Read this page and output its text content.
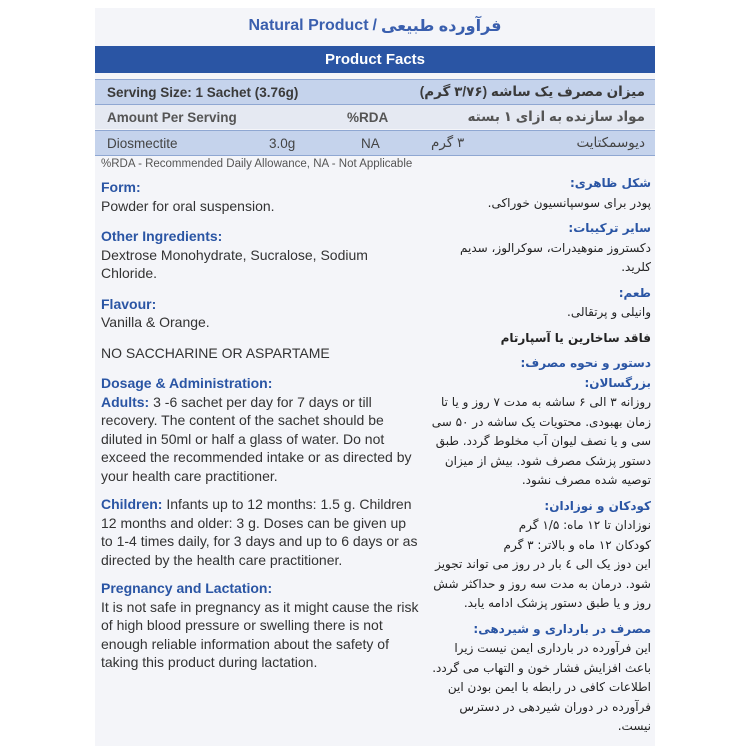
Natural Product / فرآورده طبیعی
Product Facts
Serving Size: 1 Sachet (3.76g)	میزان مصرف یک ساشه (۳/۷۶ گرم)
Amount Per Serving	%RDA	مواد سازنده به ازای ۱ بسته
Diosmectite	3.0g	NA	۳ گرم	دیوسمکتایت
%RDA - Recommended Daily Allowance, NA - Not Applicable

Form:

Powder for oral suspension.

Other Ingredients:

Dextrose Monohydrate, Sucralose, Sodium Chloride.

Flavour:

Vanilla & Orange.

NO SACCHARINE OR ASPARTAME

Dosage & Administration:

Adults: 3 -6 sachet per day for 7 days or till recovery. The content of the sachet should be diluted in 50ml or half a glass of water. Do not exceed the recommended intake or as directed by your health care practitioner.

Children: Infants up to 12 months: 1.5 g. Children 12 months and older: 3 g. Doses can be given up to 1-4 times daily, for 3 days and up to 6 days or as directed by the health care practitioner.

Pregnancy and Lactation:

It is not safe in pregnancy as it might cause the risk of high blood pressure or swelling there is not enough reliable information about the safety of taking this product during lactation.

شکل ظاهری:

پودر برای سوسپانسیون خوراکی.

سایر ترکیبات:

دکستروز منوهیدرات، سوکرالوز، سدیم کلرید.

طعم:

وانیلی و پرتقالی.

فاقد ساخارین یا آسپارتام

دستور و نحوه مصرف:

بزرگسالان:

روزانه ۳ الی ۶ ساشه به مدت ۷ روز و یا تا زمان بهبودی. محتویات یک ساشه در ۵۰ سی سی و یا نصف لیوان آب مخلوط گردد. طبق دستور پزشک مصرف شود. بیش از میزان توصیه شده مصرف نشود.

کودکان و نوزادان:

نوزادان تا ۱۲ ماه: ۱/۵ گرم

کودکان ۱۲ ماه و بالاتر: ۳ گرم

این دوز یک الی ٤ بار در روز می تواند تجویز شود. درمان به مدت سه روز و حداکثر شش روز و یا طبق دستور پزشک ادامه یابد.

مصرف در بارداری و شیردهی:

این فرآورده در بارداری ایمن نیست زیرا باعث افزایش فشار خون و التهاب می گردد. اطلاعات کافی در رابطه با ایمن بودن این فرآورده در دوران شیردهی در دسترس نیست.
